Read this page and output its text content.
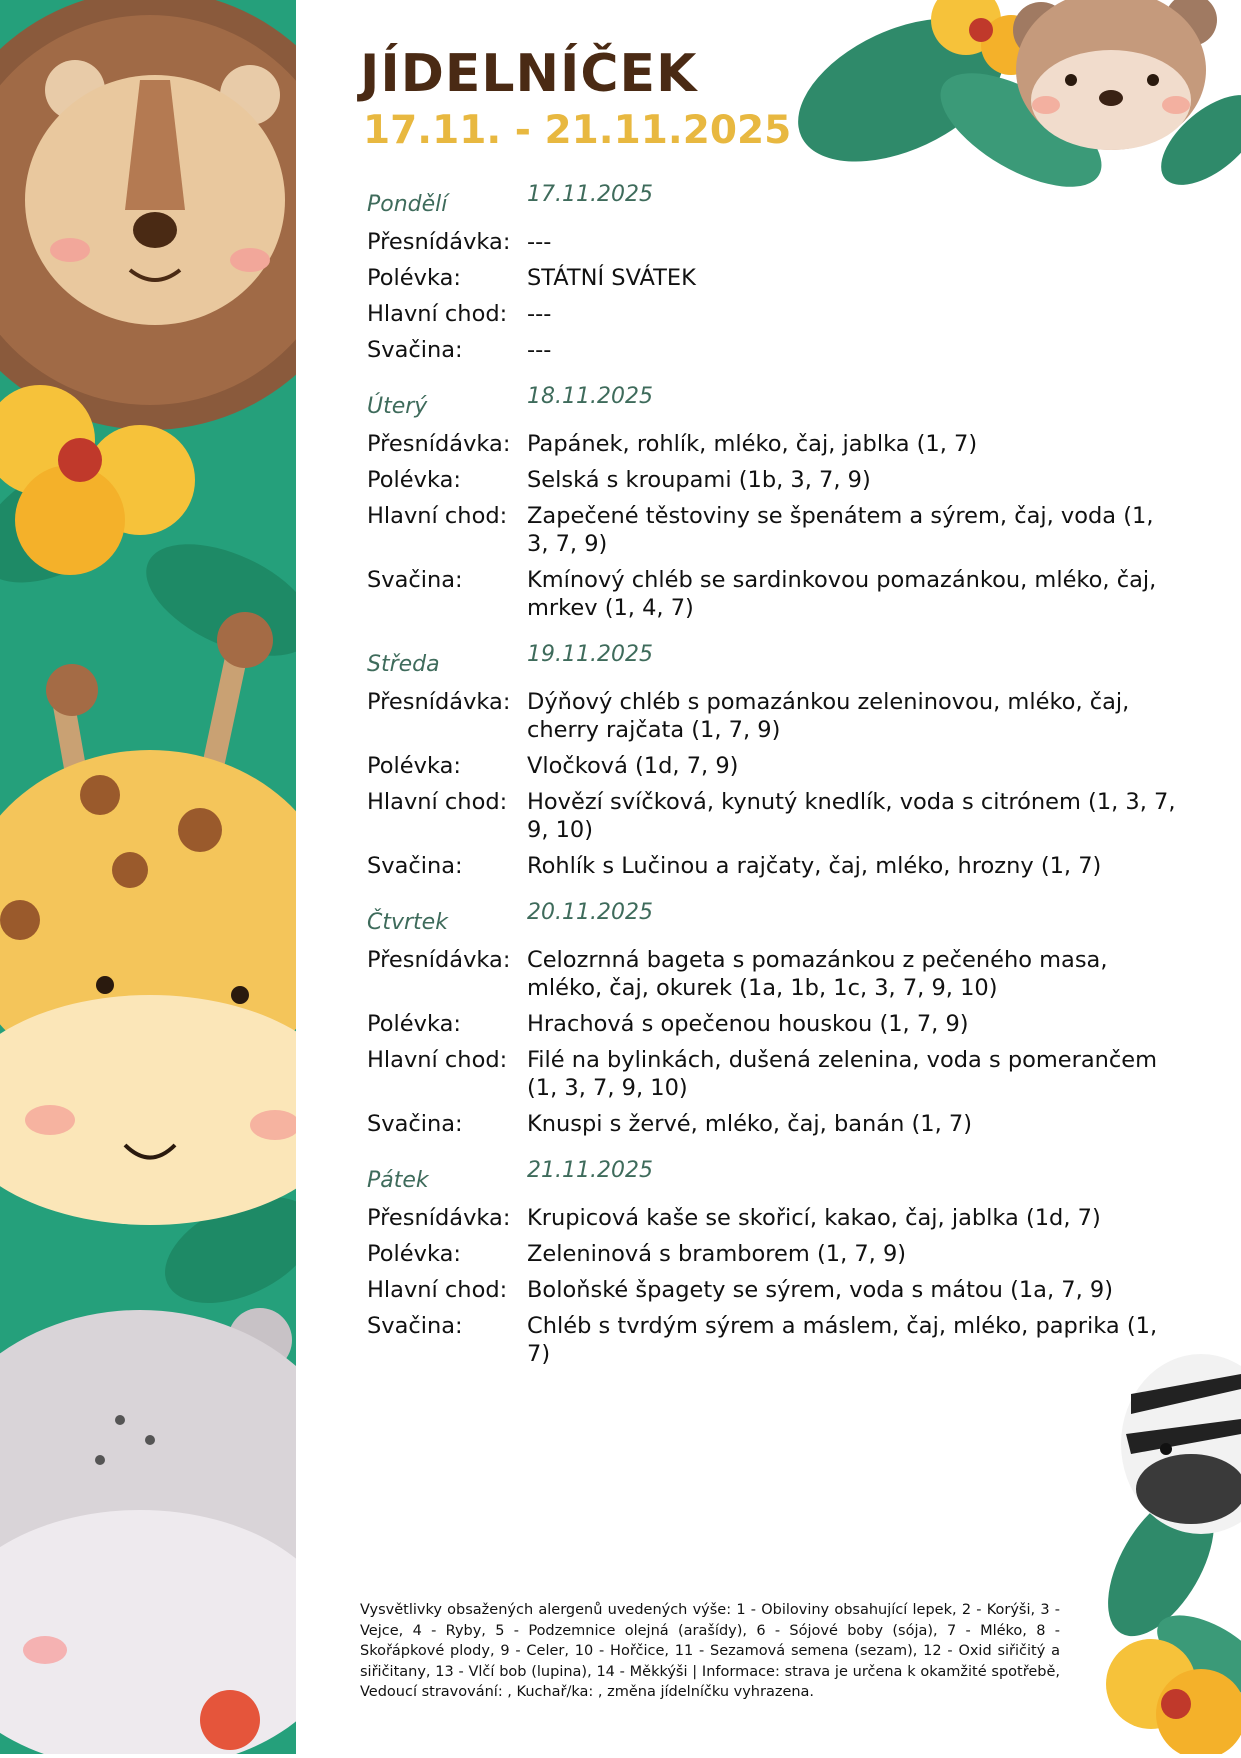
JÍDELNÍČEK
17.11. - 21.11.2025
Pondělí	17.11.2025
Přesnídávka: ---
Polévka:	STÁTNÍ SVÁTEK
Hlavní chod: ---
Svačina:	---
Úterý	18.11.2025
Přesnídávka: Papánek, rohlík, mléko, čaj, jablka (1, 7)
Polévka:	Selská s kroupami (1b, 3, 7, 9)
Hlavní chod: Zapečené těstoviny se špenátem a sýrem, čaj, voda (1, 3, 7, 9)
Svačina:	Kmínový chléb se sardinkovou pomazánkou, mléko, čaj, mrkev (1, 4, 7)
Středa	19.11.2025
Přesnídávka: Dýňový chléb s pomazánkou zeleninovou, mléko, čaj, cherry rajčata (1, 7, 9)
Polévka:	Vločková (1d, 7, 9)
Hlavní chod: Hovězí svíčková, kynutý knedlík, voda s citrónem (1, 3, 7, 9, 10)
Svačina:	Rohlík s Lučinou a rajčaty, čaj, mléko, hrozny (1, 7)
Čtvrtek	20.11.2025
Přesnídávka: Celozrnná bageta s pomazánkou z pečeného masa, mléko, čaj, okurek (1a, 1b, 1c, 3, 7, 9, 10)
Polévka:	Hrachová s opečenou houskou (1, 7, 9)
Hlavní chod: Filé na bylinkách, dušená zelenina, voda s pomerančem (1, 3, 7, 9, 10)
Svačina:	Knuspi s žervé, mléko, čaj, banán (1, 7)
Pátek	21.11.2025
Přesnídávka: Krupicová kaše se skořicí, kakao, čaj, jablka (1d, 7)
Polévka:	Zeleninová s bramborem (1, 7, 9)
Hlavní chod: Boloňské špagety se sýrem, voda s mátou (1a, 7, 9)
Svačina:	Chléb s tvrdým sýrem a máslem, čaj, mléko, paprika (1, 7)
Vysvětlivky obsažených alergenů uvedených výše: 1 - Obiloviny obsahující lepek, 2 - Korýši, 3 - Vejce, 4 - Ryby, 5 - Podzemnice olejná (arašídy), 6 - Sójové boby (sója), 7 - Mléko, 8 - Skořápkové plody, 9 - Celer, 10 - Hořčice, 11 - Sezamová semena (sezam), 12 - Oxid siřičitý a siřičitany, 13 - Vlčí bob (lupina), 14 - Měkkýši | Informace: strava je určena k okamžité spotřebě, Vedoucí stravování: , Kuchař/ka: , změna jídelníčku vyhrazena.
